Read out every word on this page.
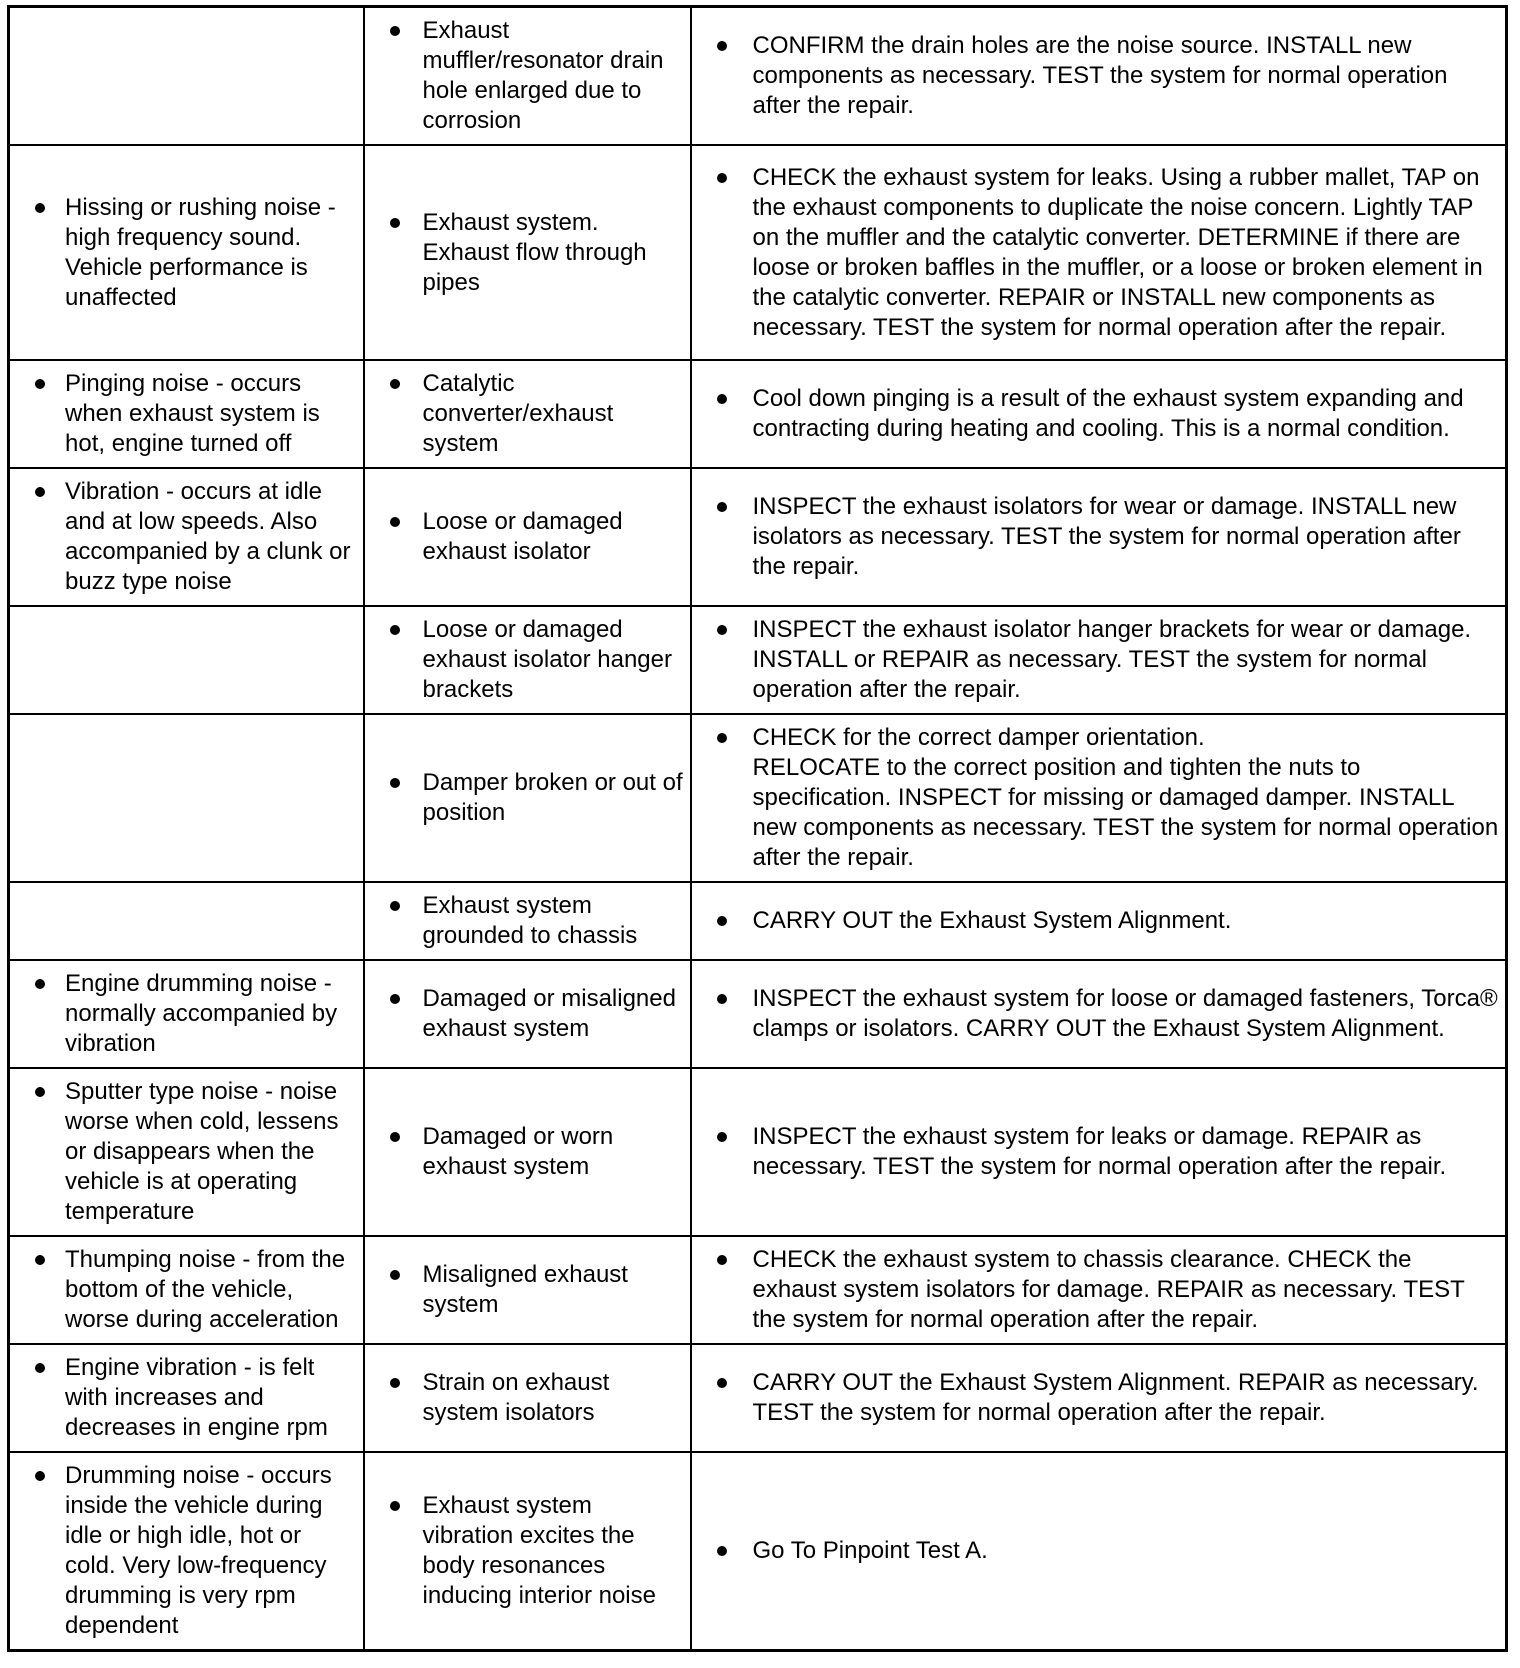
	Exhaust muffler/resonator drain hole enlarged due to corrosion	CONFIRM the drain holes are the noise source. INSTALL new components as necessary. TEST the system for normal operation after the repair.

Hissing or rushing noise - high frequency sound. Vehicle performance is unaffected	Exhaust system. Exhaust flow through pipes	CHECK the exhaust system for leaks. Using a rubber mallet, TAP on the exhaust components to duplicate the noise concern. Lightly TAP on the muffler and the catalytic converter. DETERMINE if there are loose or broken baffles in the muffler, or a loose or broken element in the catalytic converter. REPAIR or INSTALL new components as necessary. TEST the system for normal operation after the repair.

Pinging noise - occurs when exhaust system is hot, engine turned off	Catalytic converter/exhaust system	Cool down pinging is a result of the exhaust system expanding and contracting during heating and cooling. This is a normal condition.

Vibration - occurs at idle and at low speeds. Also accompanied by a clunk or buzz type noise	Loose or damaged exhaust isolator	INSPECT the exhaust isolators for wear or damage. INSTALL new isolators as necessary. TEST the system for normal operation after the repair.

	Loose or damaged exhaust isolator hanger brackets	INSPECT the exhaust isolator hanger brackets for wear or damage. INSTALL or REPAIR as necessary. TEST the system for normal operation after the repair.

	Damper broken or out of position	CHECK for the correct damper orientation.
RELOCATE to the correct position and tighten the nuts to specification. INSPECT for missing or damaged damper. INSTALL new components as necessary. TEST the system for normal operation after the repair.

	Exhaust system grounded to chassis	CARRY OUT the Exhaust System Alignment.

Engine drumming noise - normally accompanied by vibration	Damaged or misaligned exhaust system	INSPECT the exhaust system for loose or damaged fasteners, Torca® clamps or isolators. CARRY OUT the Exhaust System Alignment.

Sputter type noise - noise worse when cold, lessens or disappears when the vehicle is at operating temperature	Damaged or worn exhaust system	INSPECT the exhaust system for leaks or damage. REPAIR as necessary. TEST the system for normal operation after the repair.

Thumping noise - from the bottom of the vehicle, worse during acceleration	Misaligned exhaust system	CHECK the exhaust system to chassis clearance. CHECK the exhaust system isolators for damage. REPAIR as necessary. TEST the system for normal operation after the repair.

Engine vibration - is felt with increases and decreases in engine rpm	Strain on exhaust system isolators	CARRY OUT the Exhaust System Alignment. REPAIR as necessary. TEST the system for normal operation after the repair.

Drumming noise - occurs inside the vehicle during idle or high idle, hot or cold. Very low-frequency drumming is very rpm dependent	Exhaust system vibration excites the body resonances inducing interior noise	Go To Pinpoint Test A.
